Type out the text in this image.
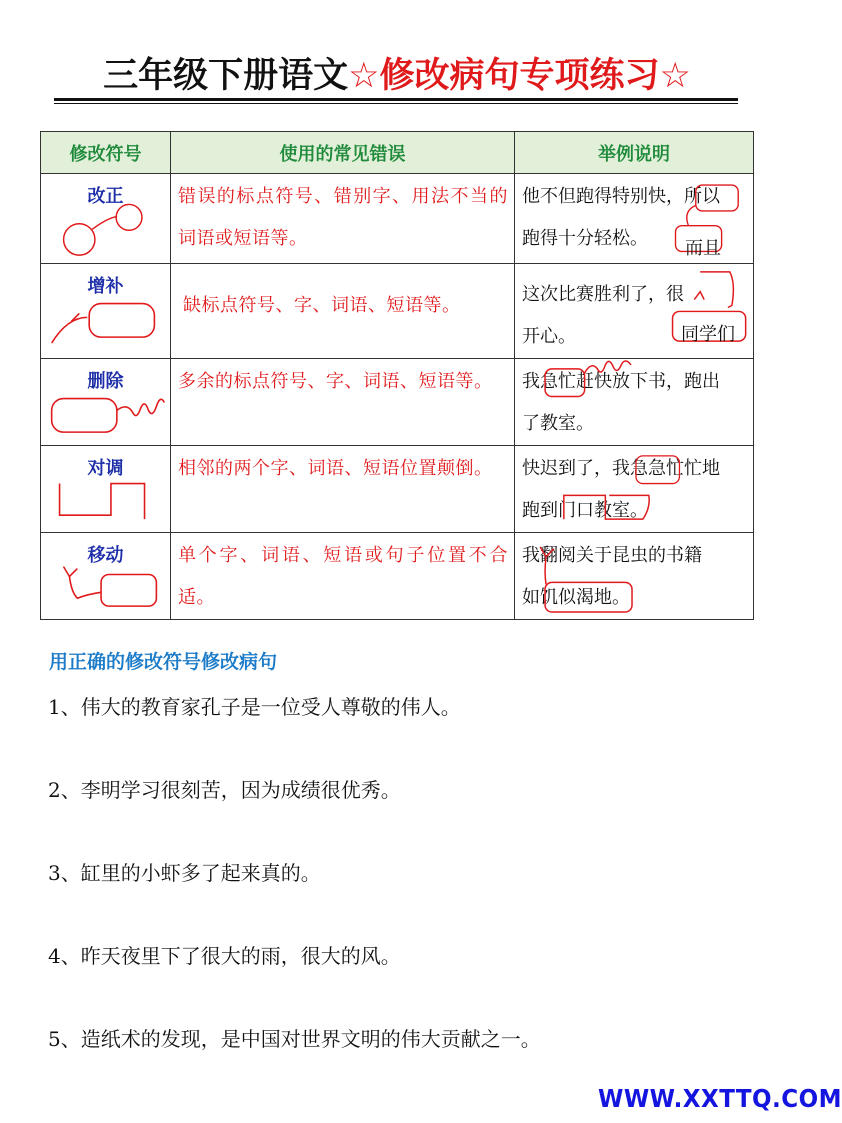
三年级下册语文☆修改病句专项练习☆
修改符号	使用的常见错误	举例说明

改正	错误的标点符号、错别字、用法不当的词语或短语等。	他不但跑得特别快，所以
跑得十分轻松。 而且

增补	缺标点符号、字、词语、短语等。	这次比赛胜利了，很
开心。 同学们

删除	多余的标点符号、字、词语、短语等。	我急忙赶快放下书，跑出
了教室。

对调	相邻的两个字、词语、短语位置颠倒。	快迟到了，我急急忙忙地
跑到门口教室。

移动	单个字、词语、短语或句子位置不合适。	我翻阅关于昆虫的书籍
如饥似渴地。
用正确的修改符号修改病句
1、伟大的教育家孔子是一位受人尊敬的伟人。
2、李明学习很刻苦，因为成绩很优秀。
3、缸里的小虾多了起来真的。
4、昨天夜里下了很大的雨，很大的风。
5、造纸术的发现，是中国对世界文明的伟大贡献之一。
WWW.XXTTQ.COM
